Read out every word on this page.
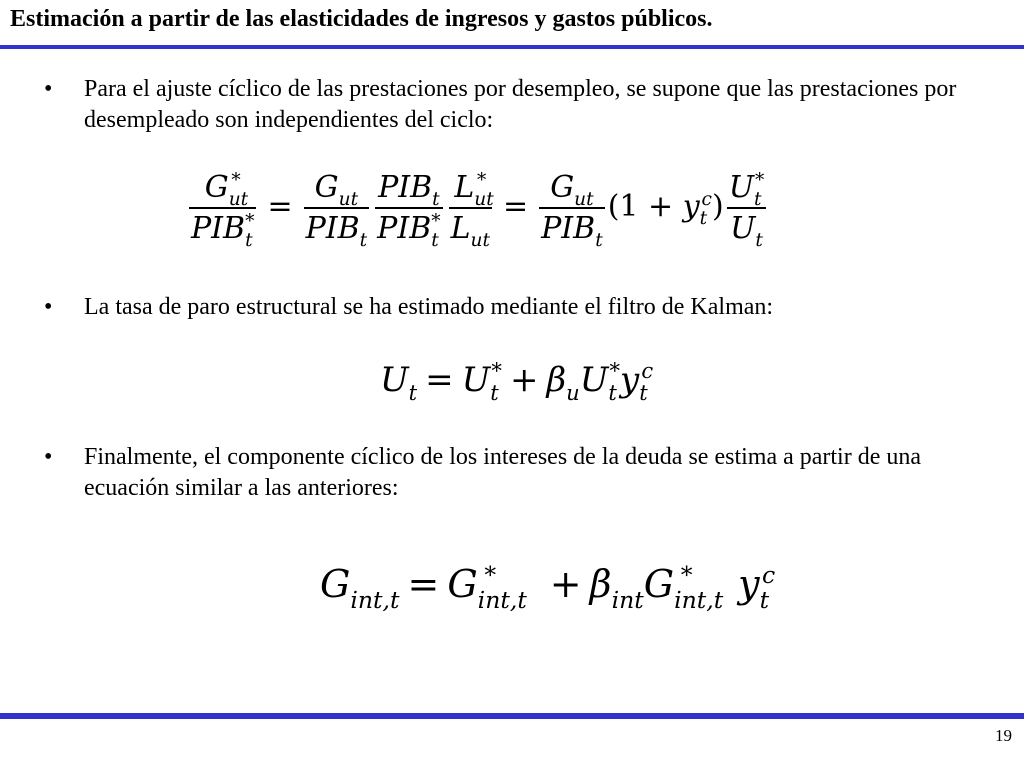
Estimación a partir de las elasticidades de ingresos y gastos públicos.
• Para el ajuste cíclico de las prestaciones por desempleo, se supone que las prestaciones por desempleado son independientes del ciclo:
$\frac{G_{ut}^*}{PIB_t^*} = \frac{G_{ut}}{PIB_t} \frac{PIB_t}{PIB_t^*} \frac{L_{ut}^*}{L_{ut}} = \frac{G_{ut}}{PIB_t} (1 + y_t^c) \frac{U_t^*}{U_t}$
• La tasa de paro estructural se ha estimado mediante el filtro de Kalman:
$U_t = U_t^* + \beta_uU_t^*y_t^c$
• Finalmente, el componente cíclico de los intereses de la deuda se estima a partir de una ecuación similar a las anteriores:
$G_{int,t} = G_{int,t}^* + \beta_{int}G_{int,t}^*$ $y_t^c$
19
